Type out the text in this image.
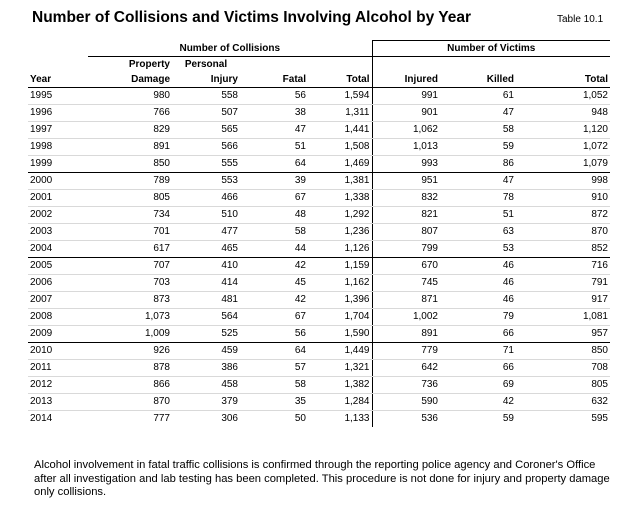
Number of Collisions and Victims Involving Alcohol by Year	Table 10.1
	Number of Collisions				Number of Victims		
	Property	Personal					
Year	Damage	Injury	Fatal	Total	Injured	Killed	Total
1995	980	558	56	1,594	991	61	1,052
1996	766	507	38	1,311	901	47	948
1997	829	565	47	1,441	1,062	58	1,120
1998	891	566	51	1,508	1,013	59	1,072
1999	850	555	64	1,469	993	86	1,079
2000	789	553	39	1,381	951	47	998
2001	805	466	67	1,338	832	78	910
2002	734	510	48	1,292	821	51	872
2003	701	477	58	1,236	807	63	870
2004	617	465	44	1,126	799	53	852
2005	707	410	42	1,159	670	46	716
2006	703	414	45	1,162	745	46	791
2007	873	481	42	1,396	871	46	917
2008	1,073	564	67	1,704	1,002	79	1,081
2009	1,009	525	56	1,590	891	66	957
2010	926	459	64	1,449	779	71	850
2011	878	386	57	1,321	642	66	708
2012	866	458	58	1,382	736	69	805
2013	870	379	35	1,284	590	42	632
2014	777	306	50	1,133	536	59	595
Alcohol involvement in fatal traffic collisions is confirmed through the reporting police agency and Coroner's Office after all investigation and lab testing has been completed. This procedure is not done for injury and property damage only collisions.
